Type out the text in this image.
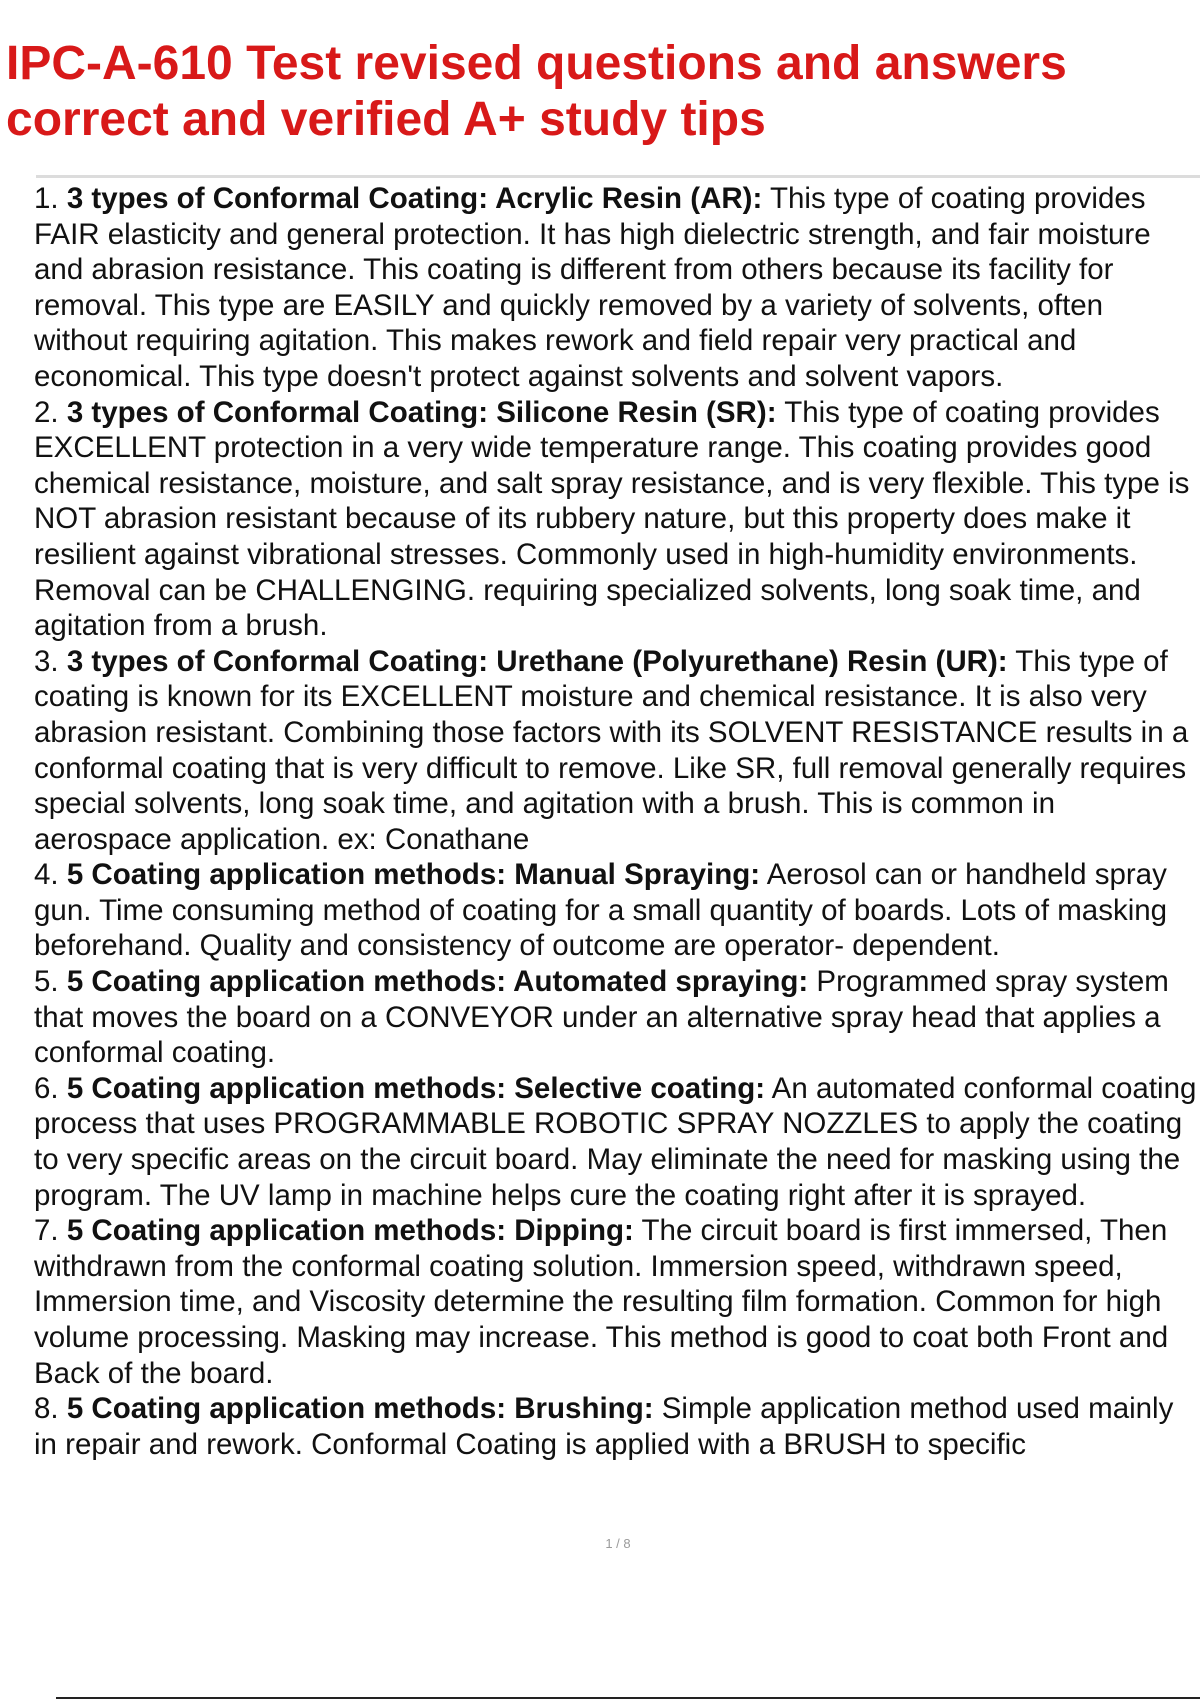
IPC-A-610 Test revised questions and answers
correct and verified A+ study tips
1. 3 types of Conformal Coating: Acrylic Resin (AR): This type of coating provides FAIR elasticity and general protection. It has high dielectric strength, and fair moisture and abrasion resistance. This coating is different from others because its facility for removal. This type are EASILY and quickly removed by a variety of solvents, often without requiring agitation. This makes rework and field repair very practical and economical. This type doesn't protect against solvents and solvent vapors.
2. 3 types of Conformal Coating: Silicone Resin (SR): This type of coating provides EXCELLENT protection in a very wide temperature range. This coating provides good chemical resistance, moisture, and salt spray resistance, and is very flexible. This type is NOT abrasion resistant because of its rubbery nature, but this property does make it resilient against vibrational stresses. Commonly used in high-humidity environments. Removal can be CHALLENGING. requiring specialized solvents, long soak time, and agitation from a brush.
3. 3 types of Conformal Coating: Urethane (Polyurethane) Resin (UR): This type of coating is known for its EXCELLENT moisture and chemical resistance. It is also very abrasion resistant. Combining those factors with its SOLVENT RESISTANCE results in a conformal coating that is very difficult to remove. Like SR, full removal generally requires special solvents, long soak time, and agitation with a brush. This is common in aerospace application. ex: Conathane
4. 5 Coating application methods: Manual Spraying: Aerosol can or handheld spray gun. Time consuming method of coating for a small quantity of boards. Lots of masking beforehand. Quality and consistency of outcome are operator- dependent.
5. 5 Coating application methods: Automated spraying: Programmed spray system that moves the board on a CONVEYOR under an alternative spray head that applies a conformal coating.
6. 5 Coating application methods: Selective coating: An automated conformal coating process that uses PROGRAMMABLE ROBOTIC SPRAY NOZZLES to apply the coating to very specific areas on the circuit board. May eliminate the need for masking using the program. The UV lamp in machine helps cure the coating right after it is sprayed.
7. 5 Coating application methods: Dipping: The circuit board is first immersed, Then withdrawn from the conformal coating solution. Immersion speed, withdrawn speed, Immersion time, and Viscosity determine the resulting film formation. Common for high volume processing. Masking may increase. This method is good to coat both Front and Back of the board.
8. 5 Coating application methods: Brushing: Simple application method used mainly in repair and rework. Conformal Coating is applied with a BRUSH to specific
1 / 8
